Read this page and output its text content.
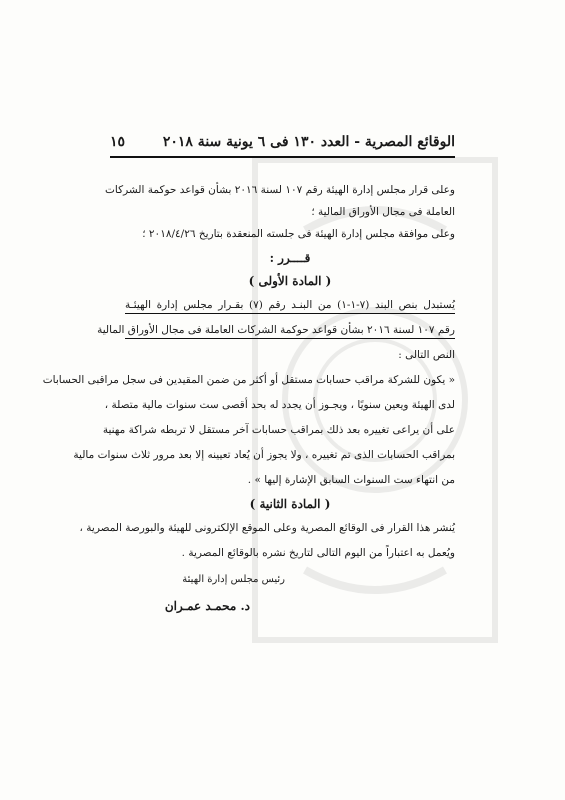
الوقائع المصرية - العدد ١٣٠ فى ٦ يونية سنة ٢٠١٨
١٥
وعلى قرار مجلس إدارة الهيئة رقم ١٠٧ لسنة ٢٠١٦ بشأن قواعد حوكمة الشركات
العاملة فى مجال الأوراق المالية ؛
وعلى موافقة مجلس إدارة الهيئة فى جلسته المنعقدة بتاريخ ٢٠١٨/٤/٢٦ ؛
قــــرر :
( المادة الأولى )
يُستبدل بنص البند (٧-١-١) من البنـد رقم (٧) بقـرار مجلس إدارة الهيئـة
رقم ١٠٧ لسنة ٢٠١٦ بشأن قواعد حوكمة الشركات العاملة فى مجال الأوراق المالية
النص التالى :
« يكون للشركة مراقب حسابات مستقل أو أكثر من ضمن المقيدين فى سجل مراقبى الحسابات
لدى الهيئة ويعين سنويًا ، ويجـوز أن يجدد له بحد أقصى ست سنوات مالية متصلة ،
على أن يراعى تغييره بعد ذلك بمراقب حسابات آخر مستقل لا تربطه شراكة مهنية
بمراقب الحسابات الذى تم تغييره ، ولا يجوز أن يُعاد تعيينه إلا بعد مرور ثلاث سنوات مالية
من انتهاء ست السنوات السابق الإشارة إليها » .
( المادة الثانية )
يُنشر هذا القرار فى الوقائع المصرية وعلى الموقع الإلكترونى للهيئة والبورصة المصرية ،
ويُعمل به اعتباراً من اليوم التالى لتاريخ نشره بالوقائع المصرية .
رئيس مجلس إدارة الهيئة
د. محمـد عمـران
